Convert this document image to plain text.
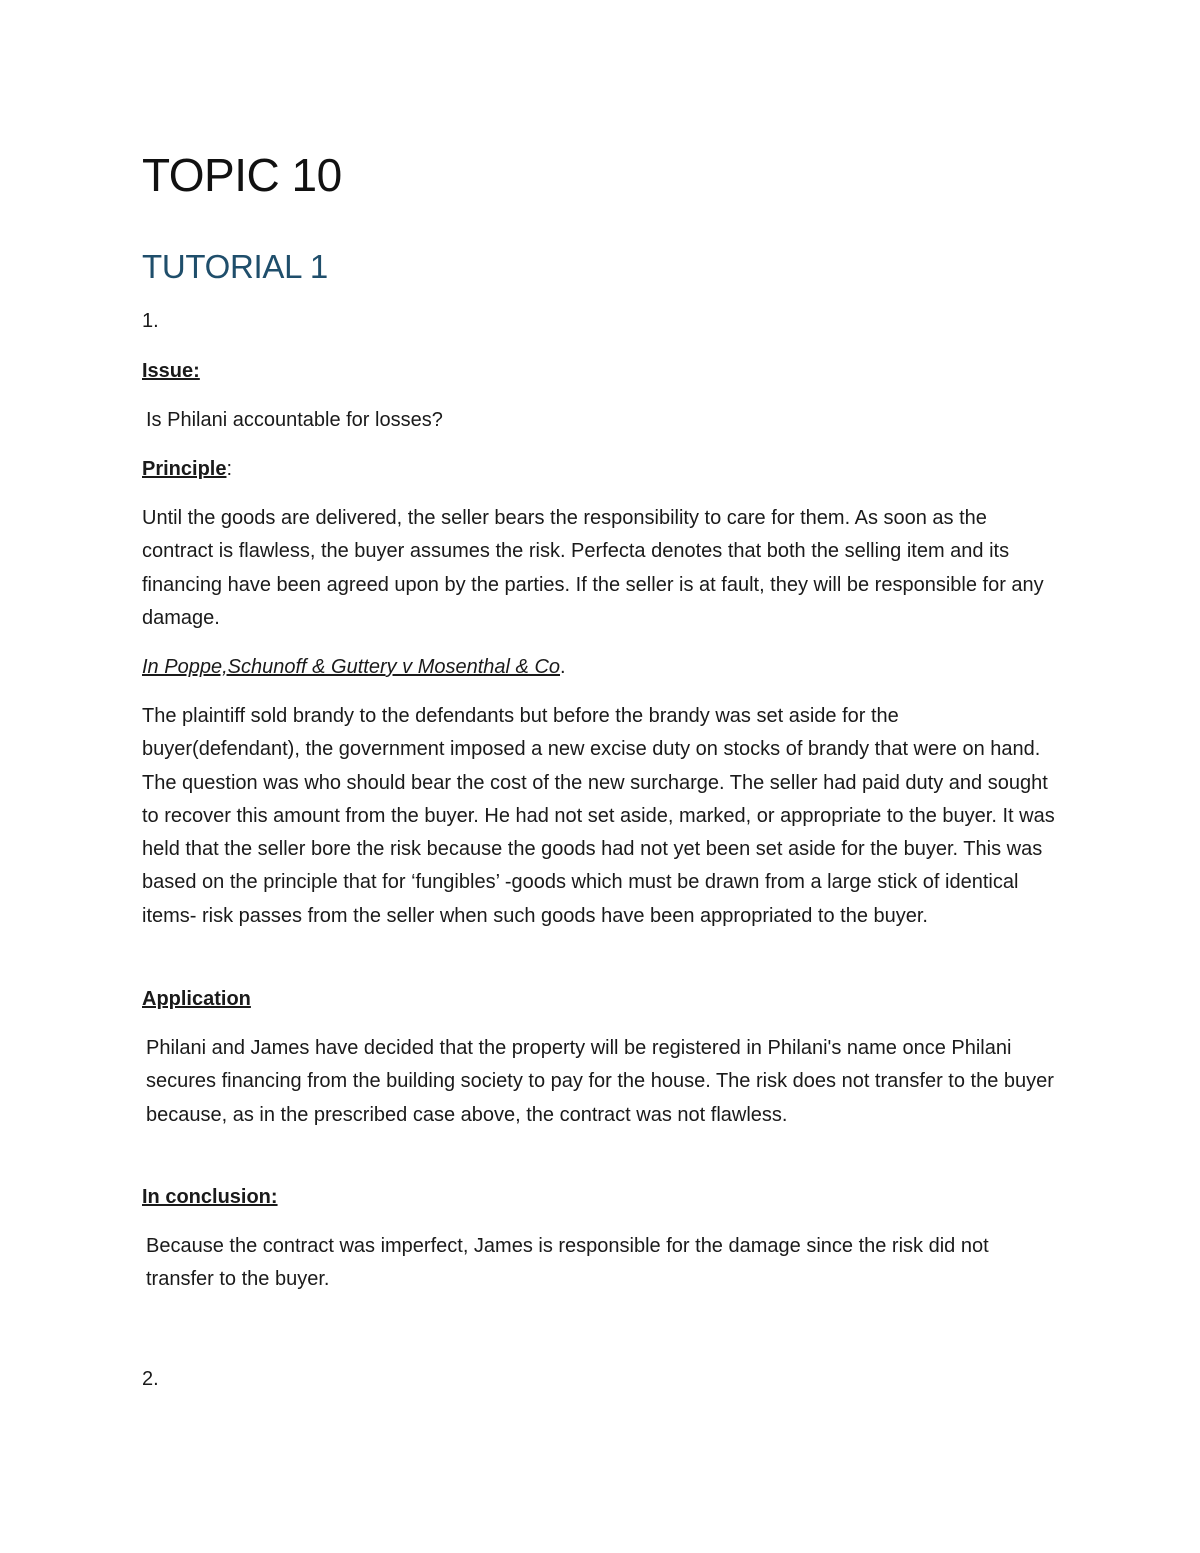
TOPIC 10
TUTORIAL 1

1.

Issue:

Is Philani accountable for losses?

Principle:

Until the goods are delivered, the seller bears the responsibility to care for them. As soon as the contract is flawless, the buyer assumes the risk. Perfecta denotes that both the selling item and its financing have been agreed upon by the parties. If the seller is at fault, they will be responsible for any damage.

In Poppe,Schunoff & Guttery v Mosenthal & Co.

The plaintiff sold brandy to the defendants but before the brandy was set aside for the buyer(defendant), the government imposed a new excise duty on stocks of brandy that were on hand. The question was who should bear the cost of the new surcharge. The seller had paid duty and sought to recover this amount from the buyer. He had not set aside, marked, or appropriate to the buyer. It was held that the seller bore the risk because the goods had not yet been set aside for the buyer. This was based on the principle that for ‘fungibles’ -goods which must be drawn from a large stick of identical items- risk passes from the seller when such goods have been appropriated to the buyer.

Application

Philani and James have decided that the property will be registered in Philani's name once Philani secures financing from the building society to pay for the house. The risk does not transfer to the buyer because, as in the prescribed case above, the contract was not flawless.

In conclusion:

Because the contract was imperfect, James is responsible for the damage since the risk did not transfer to the buyer.

2.
